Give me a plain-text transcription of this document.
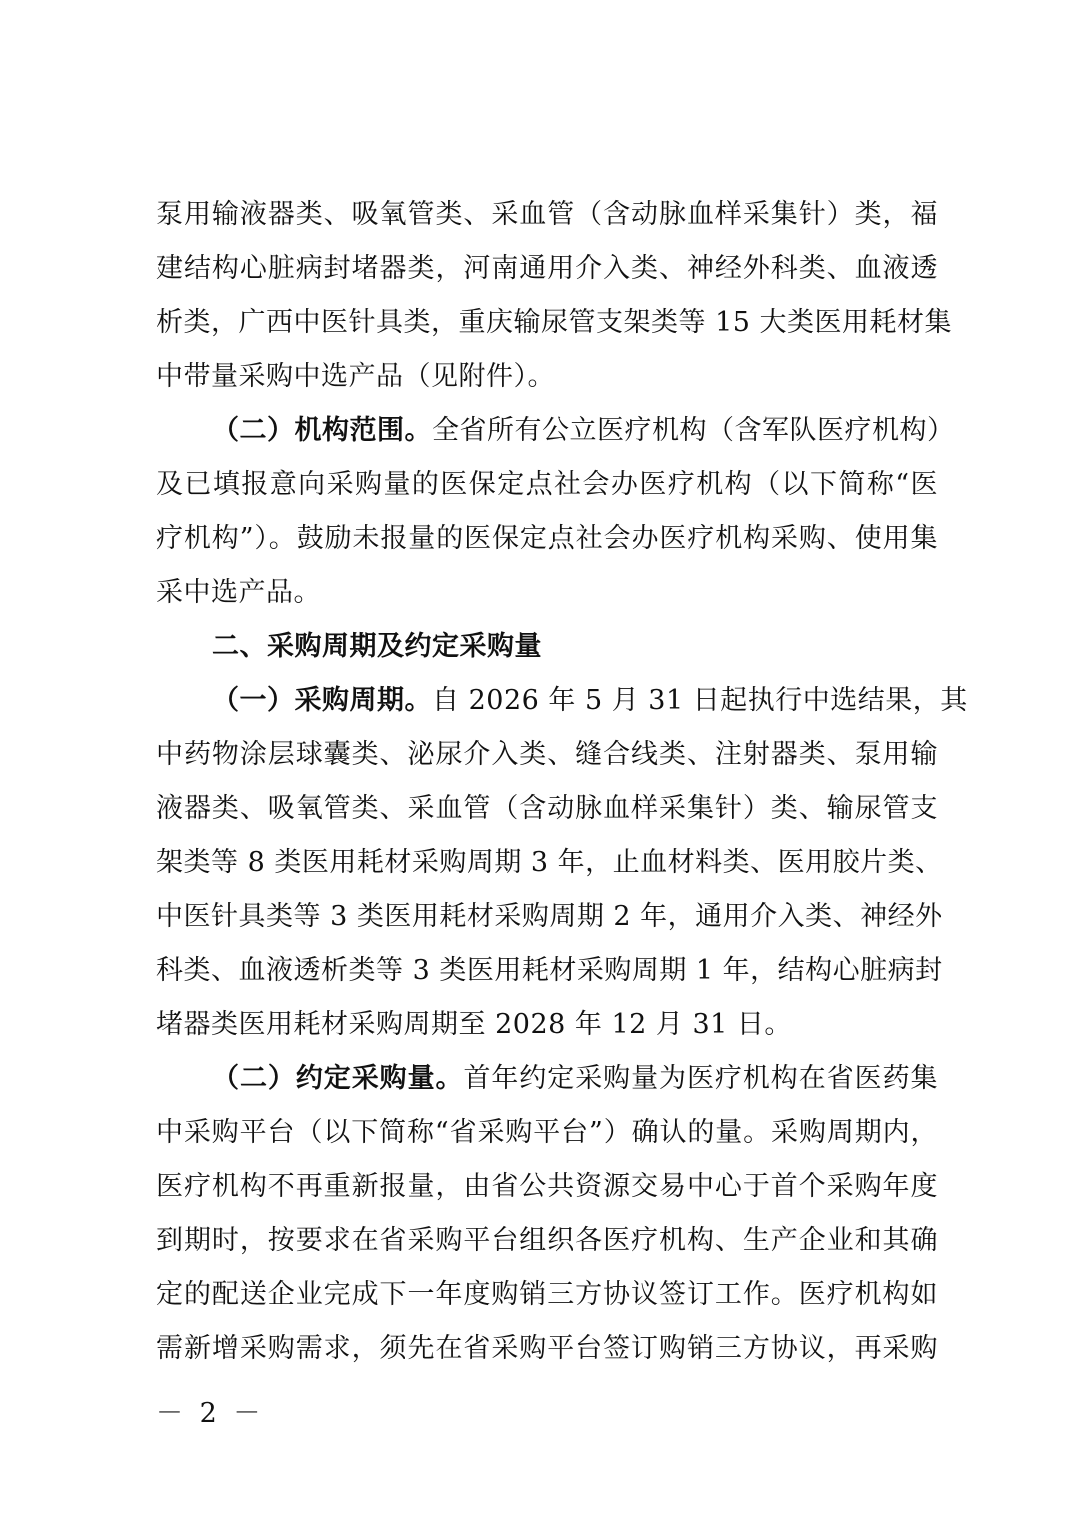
泵用输液器类、吸氧管类、采血管（含动脉血样采集针）类，福
建结构心脏病封堵器类，河南通用介入类、神经外科类、血液透
析类，广西中医针具类，重庆输尿管支架类等 15 大类医用耗材集
中带量采购中选产品（见附件）。
（二）机构范围。全省所有公立医疗机构（含军队医疗机构）
及已填报意向采购量的医保定点社会办医疗机构（以下简称“医
疗机构”）。鼓励未报量的医保定点社会办医疗机构采购、使用集
采中选产品。
二、采购周期及约定采购量
（一）采购周期。自 2026 年 5 月 31 日起执行中选结果，其
中药物涂层球囊类、泌尿介入类、缝合线类、注射器类、泵用输
液器类、吸氧管类、采血管（含动脉血样采集针）类、输尿管支
架类等 8 类医用耗材采购周期 3 年，止血材料类、医用胶片类、
中医针具类等 3 类医用耗材采购周期 2 年，通用介入类、神经外
科类、血液透析类等 3 类医用耗材采购周期 1 年，结构心脏病封
堵器类医用耗材采购周期至 2028 年 12 月 31 日。
（二）约定采购量。首年约定采购量为医疗机构在省医药集
中采购平台（以下简称“省采购平台”）确认的量。采购周期内，
医疗机构不再重新报量，由省公共资源交易中心于首个采购年度
到期时，按要求在省采购平台组织各医疗机构、生产企业和其确
定的配送企业完成下一年度购销三方协议签订工作。医疗机构如
需新增采购需求，须先在省采购平台签订购销三方协议，再采购
－ 2 －
